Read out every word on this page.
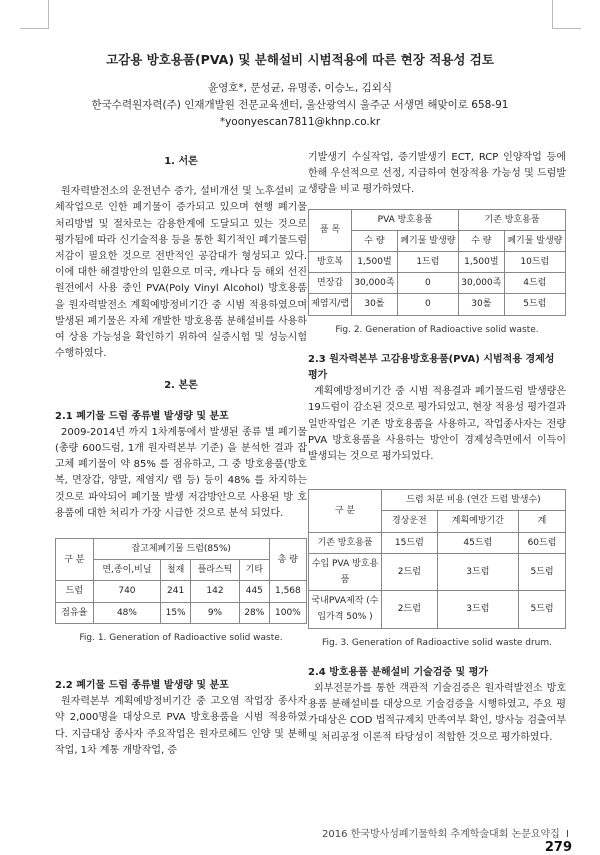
고감용 방호용품(PVA) 및 분해설비 시범적용에 따른 현장 적용성 검토
윤영호*, 문성균, 유명종, 이승노, 김외식
한국수력원자력(주) 인재개발원 전문교육센터, 울산광역시 울주군 서생면 해맞이로 658-91
*yoonyescan7811@khnp.co.kr
1. 서론

원자력발전소의 운전년수 증가, 설비개선 및 노후설비 교체작업으로 인한 폐기물이 증가되고 있으며 현행 폐기물 처리방법 및 절차로는 감용한계에 도달되고 있는 것으로 평가됨에 따라 신기술적용 등을 통한 획기적인 폐기물드럼저감이 필요한 것으로 전반적인 공감대가 형성되고 있다. 이에 대한 해결방안의 일환으로 미국, 캐나다 등 해외 선진원전에서 사용 중인 PVA(Poly Vinyl Alcohol) 방호용품을 원자력발전소 계획예방정비기간 중 시범 적용하였으며 발생된 폐기물은 자체 개발한 방호용품 분해설비를 사용하여 상용 가능성을 확인하기 위하여 실증시험 및 성능시험 수행하였다.

2. 본론
2.1 폐기물 드럼 종류별 발생량 및 분포

2009-2014년 까지 1차계통에서 발생된 종류 별 폐기물(총량 600드럼, 1개 원자력본부 기준) 을 분석한 결과 잡고체 폐기물이 약 85% 를 점유하고, 그 중 방호용품(방호복, 면장갑, 양말, 제염지/ 랩 등) 등이 48% 를 차지하는 것으로 파악되어 폐기물 발생 저감방안으로 사용된 방 호용품에 대한 처리가 가장 시급한 것으로 분석 되었다.

구 분	잡고체폐기물 드럼(85%)				총 량
	면,종이,비닐	철재	플라스틱	기타	
드럼	740	241	142	445	1,568
점유율	48%	15%	9%	28%	100%
Fig. 1. Generation of Radioactive solid waste.
2.2 폐기물 드럼 종류별 발생량 및 분포

원자력본부 계획예방정비기간 중 고오염 작업장 종사자 약 2,000명을 대상으로 PVA 방호용품을 시범 적용하였다. 지급대상 종사자 주요작업은 원자로헤드 인양 및 분해작업, 1차 계통 개방작업, 증

기발생기 수실작업, 증기발생기 ECT, RCP 인양작업 등에 한해 우선적으로 선정, 지급하여 현장적용 가능성 및 드럼발생량을 비교 평가하였다.

품 목	PVA 방호용품		기존 방호용품	
	수 량	폐기물 발생량	수 량	폐기물 발생량
방호복	1,500벌	1드럼	1,500벌	10드럼
면장갑	30,000족	0	30,000족	4드럼
제염지/랩	30롤	0	30롤	5드럼
Fig. 2. Generation of Radioactive solid waste.
2.3 원자력본부 고감용방호용품(PVA) 시범적용 경제성 평가

계획예방정비기간 중 시범 적용결과 폐기물드럼 발생량은 19드럼이 감소된 것으로 평가되었고, 현장 적용성 평가결과 일반작업은 기존 방호용품을 사용하고, 작업종사자는 전량 PVA 방호용품을 사용하는 방안이 경제성측면에서 이득이 발생되는 것으로 평가되었다.

구 분	드럼 처분 비용 (연간 드럼 발생수)		
	경상운전	계획예방기간	계
기존 방호용품	15드럼	45드럼	60드럼
수입 PVA 방호용품	2드럼	3드럼	5드럼
국내PVA제작 (수입가격 50% )	2드럼	3드럼	5드럼
Fig. 3. Generation of Radioactive solid waste drum.
2.4 방호용품 분해설비 기술검증 및 평가

외부전문가를 통한 객관적 기술검증은 원자력발전소 방호용품 분해설비를 대상으로 기술검증을 시행하였고, 주요 평가대상은 COD 법적규제치 만족여부 확인, 방사능 검출여부 및 처리공정 이론적 타당성이 적합한 것으로 평가하였다.

2016 한국방사성폐기물학회 추계학술대회 논문요약집 I 279
